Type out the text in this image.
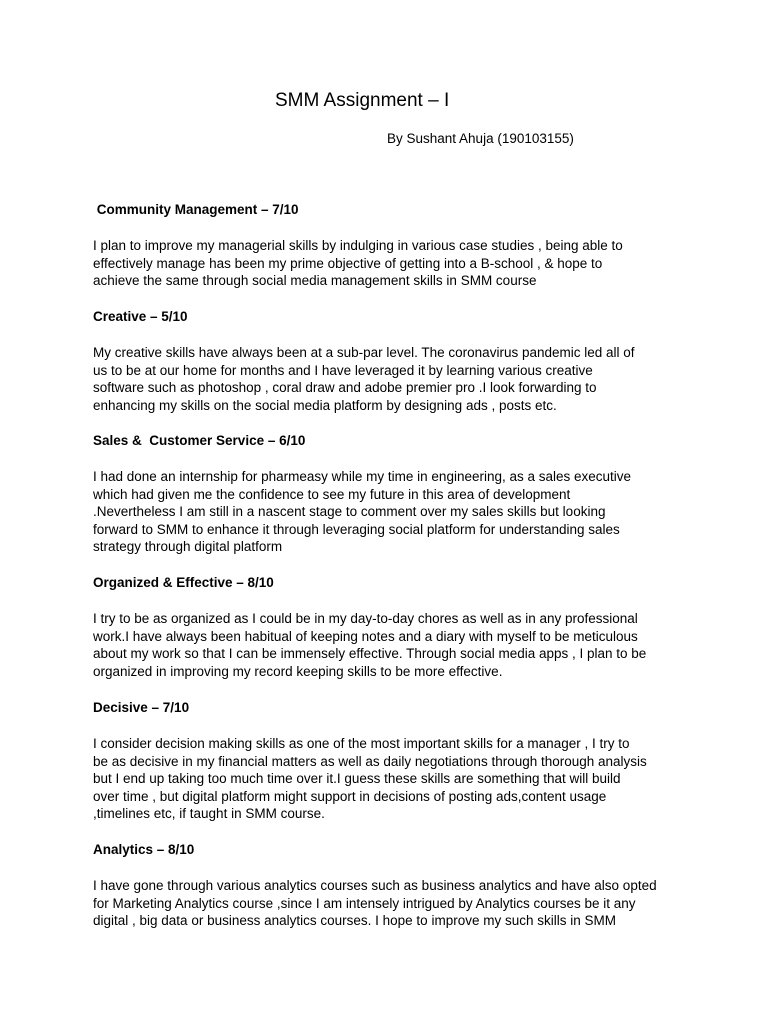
SMM Assignment – I
By Sushant Ahuja (190103155)

Community Management – 7/10

I plan to improve my managerial skills by indulging in various case studies , being able to
effectively manage has been my prime objective of getting into a B-school , & hope to
achieve the same through social media management skills in SMM course

Creative – 5/10

My creative skills have always been at a sub-par level. The coronavirus pandemic led all of
us to be at our home for months and I have leveraged it by learning various creative
software such as photoshop , coral draw and adobe premier pro .I look forwarding to
enhancing my skills on the social media platform by designing ads , posts etc.

Sales &  Customer Service – 6/10

I had done an internship for pharmeasy while my time in engineering, as a sales executive
which had given me the confidence to see my future in this area of development
.Nevertheless I am still in a nascent stage to comment over my sales skills but looking
forward to SMM to enhance it through leveraging social platform for understanding sales
strategy through digital platform

Organized & Effective – 8/10

I try to be as organized as I could be in my day-to-day chores as well as in any professional
work.I have always been habitual of keeping notes and a diary with myself to be meticulous
about my work so that I can be immensely effective. Through social media apps , I plan to be
organized in improving my record keeping skills to be more effective.

Decisive – 7/10

I consider decision making skills as one of the most important skills for a manager , I try to
be as decisive in my financial matters as well as daily negotiations through thorough analysis
but I end up taking too much time over it.I guess these skills are something that will build
over time , but digital platform might support in decisions of posting ads,content usage
,timelines etc, if taught in SMM course.

Analytics – 8/10

I have gone through various analytics courses such as business analytics and have also opted
for Marketing Analytics course ,since I am intensely intrigued by Analytics courses be it any
digital , big data or business analytics courses. I hope to improve my such skills in SMM
